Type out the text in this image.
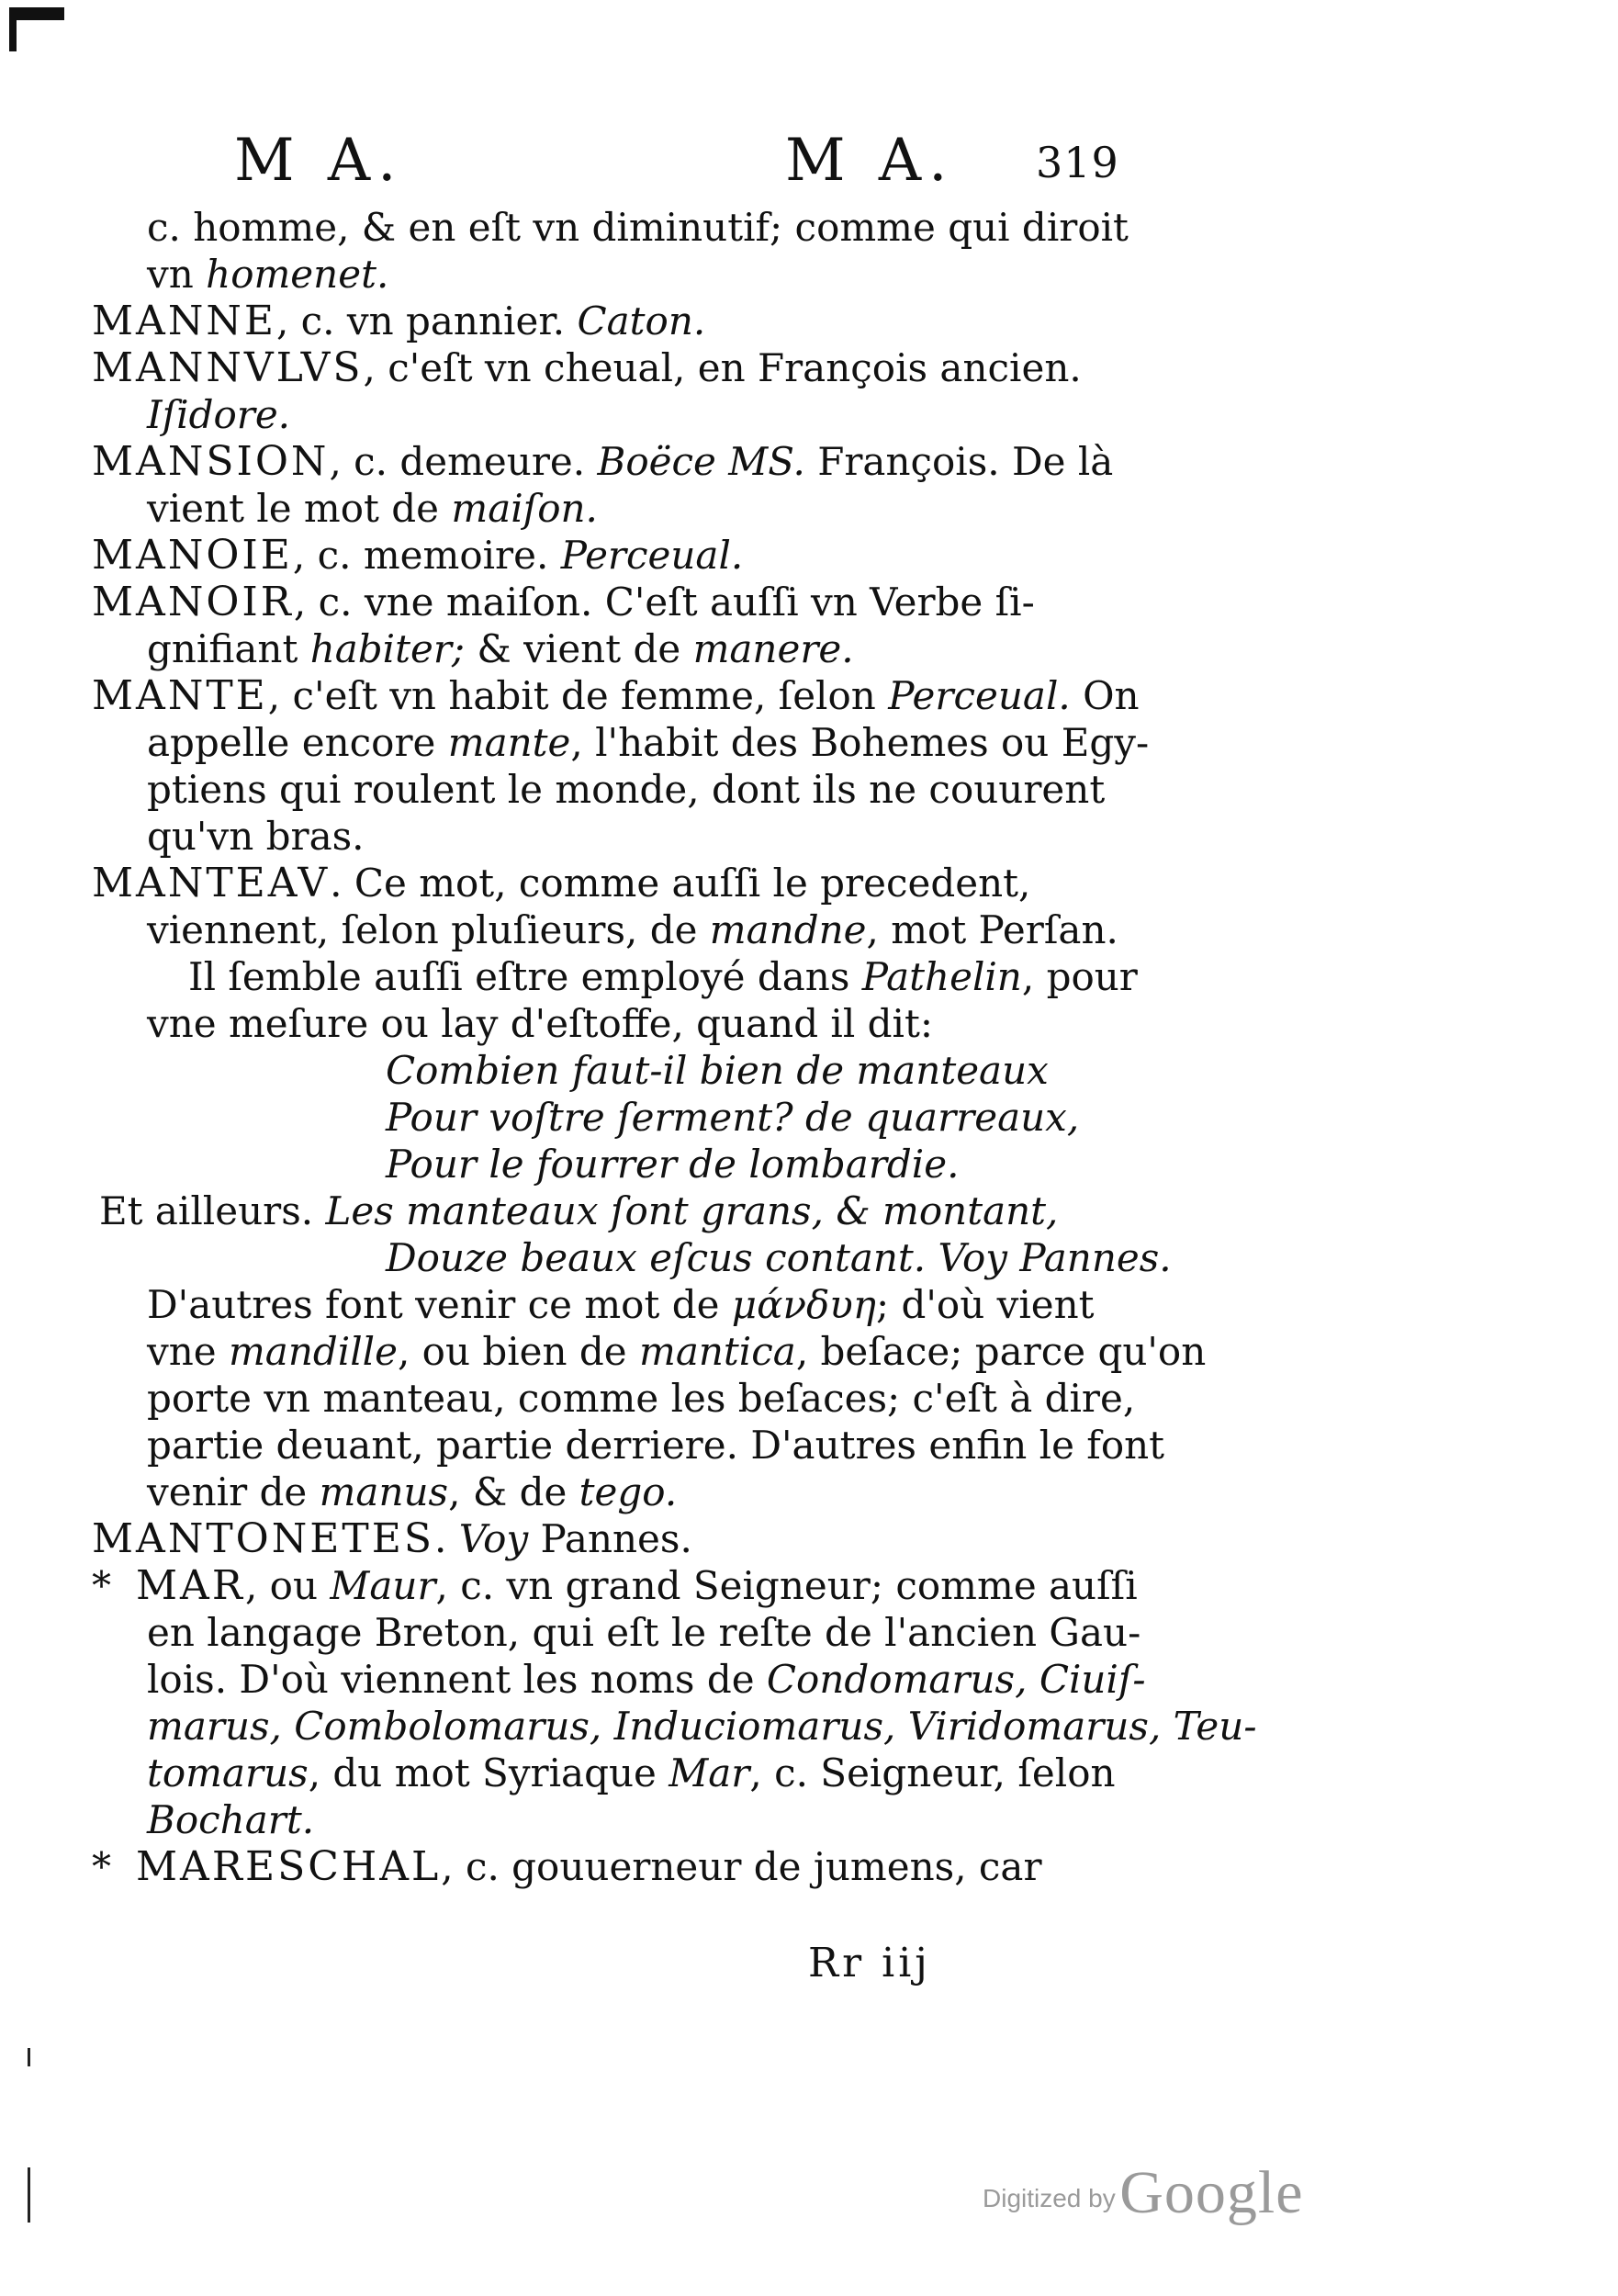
M A.	M A. 319
c. homme, & en eſt vn diminutif; comme qui diroit
vn homenet.
MANNE, c. vn pannier. Caton.
MANNVLVS, c'eſt vn cheual, en François ancien.
Iſidore.
MANSION, c. demeure. Boëce MS. François. De là
vient le mot de maiſon.
MANOIE, c. memoire. Perceual.
MANOIR, c. vne maiſon. C'eſt auſſi vn Verbe ſi-
gnifiant habiter; & vient de manere.
MANTE, c'eſt vn habit de femme, ſelon Perceual. On
appelle encore mante, l'habit des Bohemes ou Egy-
ptiens qui roulent le monde, dont ils ne couurent
qu'vn bras.
MANTEAV. Ce mot, comme auſſi le precedent,
viennent, ſelon pluſieurs, de mandne, mot Perſan.
Il ſemble auſſi eſtre employé dans Pathelin, pour
vne meſure ou lay d'eſtoffe, quand il dit:
Combien faut-il bien de manteaux
Pour voſtre ſerment? de quarreaux,
Pour le fourrer de lombardie.
Et ailleurs. Les manteaux ſont grans, & montant,
Douze beaux eſcus contant. Voy Pannes.
D'autres font venir ce mot de μάνδυη; d'où vient
vne mandille, ou bien de mantica, beſace; parce qu'on
porte vn manteau, comme les beſaces; c'eſt à dire,
partie deuant, partie derriere. D'autres enfin le font
venir de manus, & de tego.
MANTONETES. Voy Pannes.
* MAR, ou Maur, c. vn grand Seigneur; comme auſſi
en langage Breton, qui eſt le reſte de l'ancien Gau-
lois. D'où viennent les noms de Condomarus, Ciuiſ-
marus, Combolomarus, Induciomarus, Viridomarus, Teu-
tomarus, du mot Syriaque Mar, c. Seigneur, ſelon
Bochart.
* MARESCHAL, c. gouuerneur de jumens, car
Rr iij
Digitized by Google
